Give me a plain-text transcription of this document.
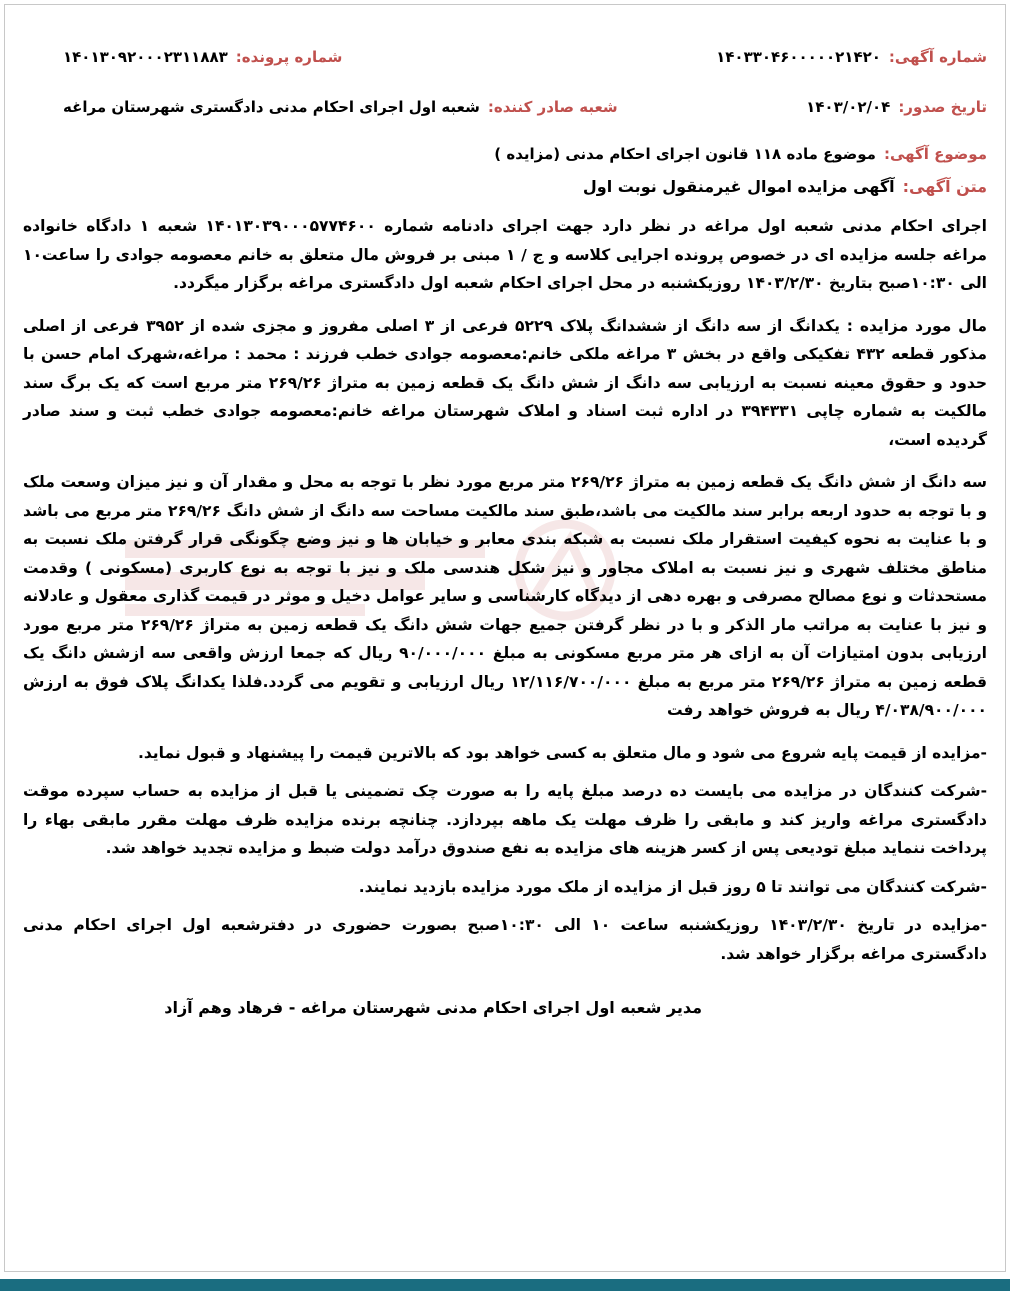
شماره آگهی:
۱۴۰۳۳۰۴۶۰۰۰۰۰۲۱۴۲۰
شماره پرونده:
۱۴۰۱۳۰۹۲۰۰۰۲۳۱۱۸۸۳
تاریخ صدور:
۱۴۰۳/۰۲/۰۴
شعبه صادر کننده:
شعبه اول اجرای احکام مدنی دادگستری شهرستان مراغه
موضوع آگهی:
موضوع ماده ۱۱۸ قانون اجرای احکام مدنی (مزایده )
متن آگهی:
آگهی مزایده اموال غیرمنقول نوبت اول

اجرای احکام مدنی شعبه اول مراغه در نظر دارد جهت اجرای دادنامه شماره ۱۴۰۱۳۰۳۹۰۰۰۵۷۷۴۶۰۰ شعبه ۱ دادگاه خانواده مراغه جلسه مزایده ای در خصوص پرونده اجرایی کلاسه و ج / ۱ مبنی بر فروش مال متعلق به خانم معصومه جوادی را ساعت۱۰ الی ۱۰:۳۰صبح بتاریخ ۱۴۰۳/۲/۳۰ روزیکشنبه در محل اجرای احکام شعبه اول دادگستری مراغه برگزار میگردد.

مال مورد مزایده : یکدانگ از سه دانگ از ششدانگ پلاک ۵۲۲۹ فرعی از ۳ اصلی مفروز و مجزی شده از ۳۹۵۲ فرعی از اصلی مذکور قطعه ۴۳۲ تفکیکی واقع در بخش ۳ مراغه ملکی خانم:معصومه جوادی خطب فرزند : محمد : مراغه،شهرک امام حسن با حدود و حقوق معینه نسبت به ارزیابی سه دانگ از شش دانگ یک قطعه زمین به متراژ ۲۶۹/۲۶ متر مربع است که یک برگ سند مالکیت به شماره چاپی ۳۹۴۳۳۱ در اداره ثبت اسناد و املاک شهرستان مراغه خانم:معصومه جوادی خطب ثبت و سند صادر گردیده است،

سه دانگ از شش دانگ یک قطعه زمین به متراژ ۲۶۹/۲۶ متر مربع مورد نظر با توجه به محل و مقدار آن و نیز میزان وسعت ملک و با توجه به حدود اربعه برابر سند مالکیت می باشد،طبق سند مالکیت مساحت سه دانگ از شش دانگ ۲۶۹/۲۶ متر مربع می باشد و با عنایت به نحوه کیفیت استقرار ملک نسبت به شبکه بندی معابر و خیابان ها و نیز وضع چگونگی قرار گرفتن ملک نسبت به مناطق مختلف شهری و نیز نسبت به املاک مجاور و نیز شکل هندسی ملک و نیز با توجه به نوع کاربری (مسکونی ) وقدمت مستحدثات و نوع مصالح مصرفی و بهره دهی از دیدگاه کارشناسی و سایر عوامل دخیل و موثر در قیمت گذاری معقول و عادلانه و نیز با عنایت به مراتب مار الذکر و با در نظر گرفتن جمیع جهات شش دانگ یک قطعه زمین به متراژ ۲۶۹/۲۶ متر مربع مورد ارزیابی بدون امتیازات آن به ازای هر متر مربع مسکونی به مبلغ ۹۰/۰۰۰/۰۰۰ ریال که جمعا ارزش واقعی سه ازشش دانگ یک قطعه زمین به متراژ ۲۶۹/۲۶ متر مربع به مبلغ ۱۲/۱۱۶/۷۰۰/۰۰۰ ریال ارزیابی و تقویم می گردد.فلذا یکدانگ پلاک فوق به ارزش ۴/۰۳۸/۹۰۰/۰۰۰ ریال به فروش خواهد رفت

-مزایده از قیمت پایه شروع می شود و مال متعلق به کسی خواهد بود که بالاترین قیمت را پیشنهاد و قبول نماید.

-شرکت کنندگان در مزایده می بایست ده درصد مبلغ پایه را به صورت چک تضمینی یا قبل از مزایده به حساب سپرده موقت دادگستری مراغه واریز کند و مابقی را ظرف مهلت یک ماهه بپردازد. چنانچه برنده مزایده ظرف مهلت مقرر مابقی بهاء را پرداخت ننماید مبلغ تودیعی پس از کسر هزینه های مزایده به نفع صندوق درآمد دولت ضبط و مزایده تجدید خواهد شد.

-شرکت کنندگان می توانند تا ۵ روز قبل از مزایده از ملک مورد مزایده بازدید نمایند.

-مزایده در تاریخ ۱۴۰۳/۲/۳۰ روزیکشنبه ساعت ۱۰ الی ۱۰:۳۰صبح بصورت حضوری در دفترشعبه اول اجرای احکام مدنی دادگستری مراغه برگزار خواهد شد.

مدیر شعبه اول اجرای احکام مدنی شهرستان مراغه - فرهاد وهم آزاد
